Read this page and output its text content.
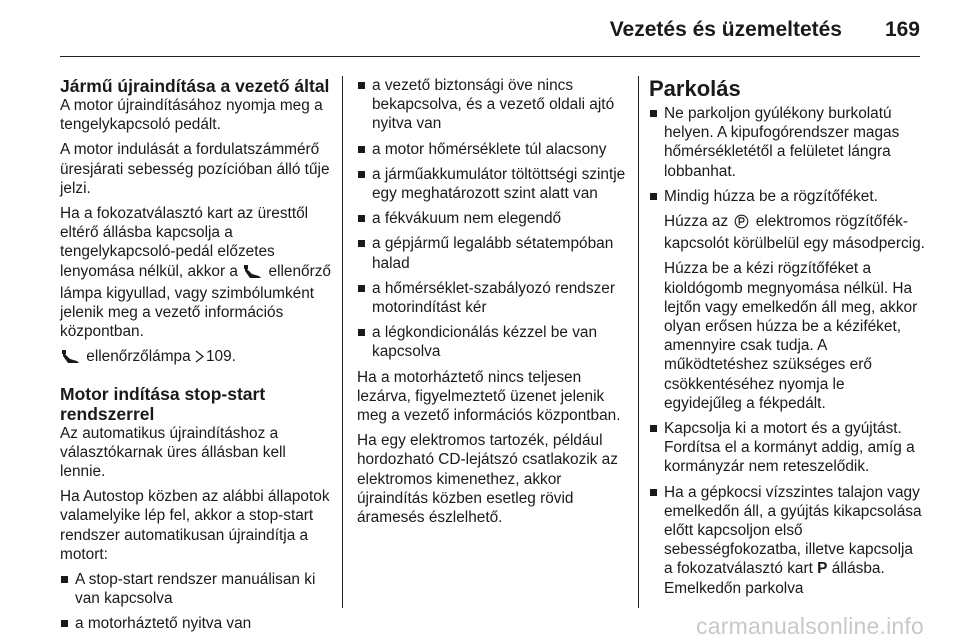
Vezetés és üzemeltetés 169
Jármű újraindítása a vezető által

A motor újraindításához nyomja meg a tengelykapcsoló pedált.

A motor indulását a fordulatszámmérő üresjárati sebesség pozícióban álló tűje jelzi.

Ha a fokozatválasztó kart az üresttől eltérő állásba kapcsolja a tengelykapcsoló-pedál előzetes lenyomása nélkül, akkor a ellenőrző lámpa kigyullad, vagy szimbólumként jelenik meg a vezető információs központban.

ellenőrzőlámpa 109.

Motor indítása stop-start rendszerrel

Az automatikus újraindításhoz a választókarnak üres állásban kell lennie.

Ha Autostop közben az alábbi állapotok valamelyike lép fel, akkor a stop-start rendszer automatikusan újraindítja a motort:

A stop-start rendszer manuálisan ki van kapcsolva
a motorháztető nyitva van
a vezető biztonsági öve nincs bekapcsolva, és a vezető oldali ajtó nyitva van
a motor hőmérséklete túl alacsony
a járműakkumulátor töltöttségi szintje egy meghatározott szint alatt van
a fékvákuum nem elegendő
a gépjármű legalább sétatempóban halad
a hőmérséklet-szabályozó rendszer motorindítást kér
a légkondicionálás kézzel be van kapcsolva

Ha a motorháztető nincs teljesen lezárva, figyelmeztető üzenet jelenik meg a vezető információs központban.

Ha egy elektromos tartozék, például hordozható CD-lejátszó csatlakozik az elektromos kimenethez, akkor újraindítás közben esetleg rövid áramesés észlelhető.

Parkolás
Ne parkoljon gyúlékony burkolatú helyen. A kipufogórendszer magas hőmérsékletétől a felületet lángra lobbanhat.
Mindig húzza be a rögzítőféket.

Húzza az elektromos rögzítőfék-kapcsolót körülbelül egy másodpercig.

Húzza be a kézi rögzítőféket a kioldógomb megnyomása nélkül. Ha lejtőn vagy emelkedőn áll meg, akkor olyan erősen húzza be a kéziféket, amennyire csak tudja. A működtetéshez szükséges erő csökkentéséhez nyomja le egyidejűleg a fékpedált.

Kapcsolja ki a motort és a gyújtást. Fordítsa el a kormányt addig, amíg a kormányzár nem reteszelődik.
Ha a gépkocsi vízszintes talajon vagy emelkedőn áll, a gyújtás kikapcsolása előtt kapcsoljon első sebességfokozatba, illetve kapcsolja a fokozatválasztó kart P állásba. Emelkedőn parkolva
carmanualsonline.info
